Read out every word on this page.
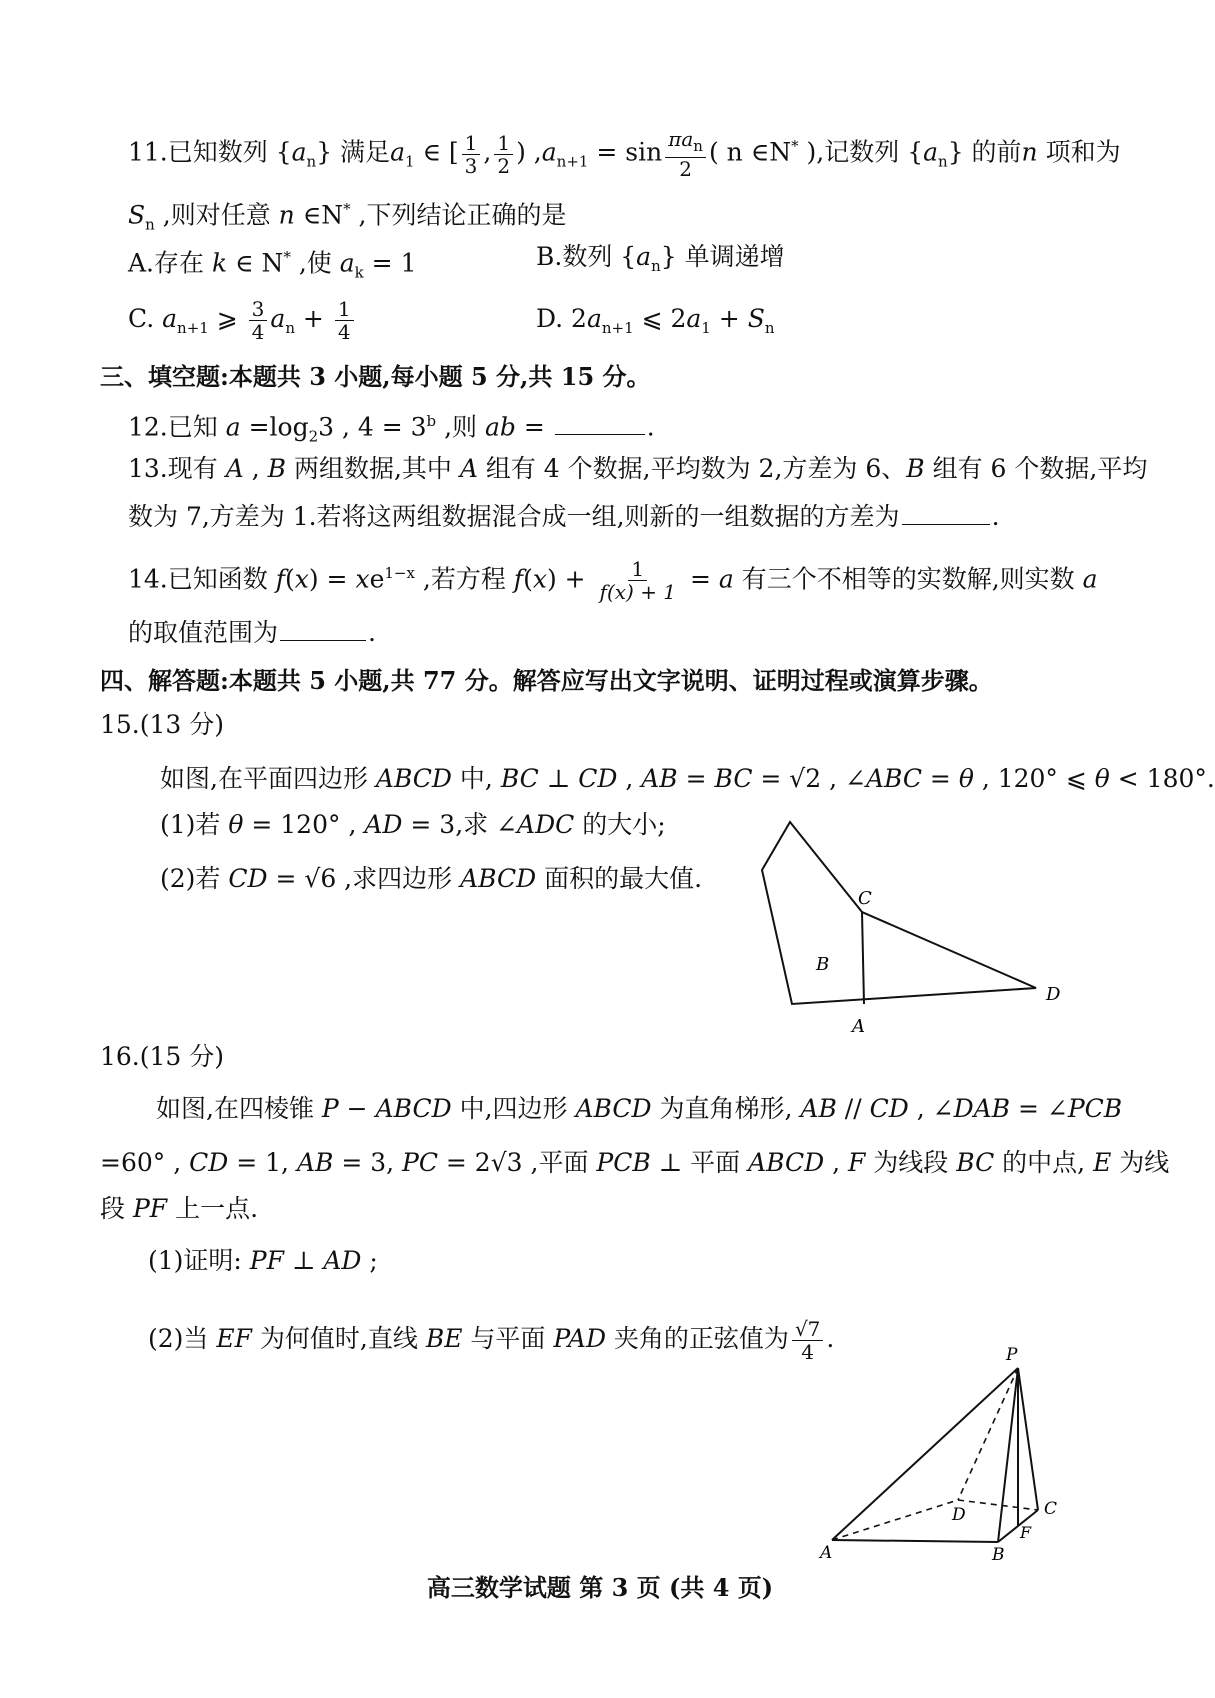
11.已知数列 $\{a_n\}$ 满足$a_1$ ∈ [ $\frac{1}{3}$ , $\frac{1}{2}$ ) $,a_{n+1} = \sin \frac{\pi a_n}{2}$ ( n ∈N* ),记数列 $\{a_n\}$ 的前n 项和为
$S_n$ ,则对任意 n ∈N* ,下列结论正确的是
A.存在 k ∈ N* ,使 $a_k = 1$	B.数列 $\{a_n\}$ 单调递增
C. $a_{n+1}$ ⩾ $\frac{3}{4} a_n + \frac{1}{4}$	D. $2a_{n+1}$ ⩽ $2a_1 + S_n$
三、填空题:本题共 3 小题,每小题 5 分,共 15 分。
12.已知 $a =\log_23$ , $4 = 3^b$ ,则 ab =	.
13.现有 A , B 两组数据,其中 A 组有 4 个数据,平均数为 2,方差为 6、B 组有 6 个数据,平均
数为 7,方差为 1.若将这两组数据混合成一组,则新的一组数据的方差为	.
14.已知函数 $f(x) = xe^{1-x}$ ,若方程 $f(x) + \frac{1}{f(x) + 1} = a$ 有三个不相等的实数解,则实数 a
的取值范围为	.
四、解答题:本题共 5 小题,共 77 分。解答应写出文字说明、证明过程或演算步骤。
15.(13 分)
如图,在平面四边形 ABCD 中, BC ⊥ CD , AB = BC = √2 , ∠ABC = θ , 120° ⩽ θ < 180°.
(1)若 θ = 120° , AD = 3,求 ∠ADC 的大小;
(2)若 CD = √6 ,求四边形 ABCD 面积的最大值.
C
B
D
A
16.(15 分)
如图,在四棱锥 P − ABCD 中,四边形 ABCD 为直角梯形, AB // CD , ∠DAB = ∠PCB
=60° , CD = 1, AB = 3, PC = 2√3 ,平面 PCB ⊥ 平面 ABCD , F 为线段 BC 的中点, E 为线
段 PF 上一点.
(1)证明: PF ⊥ AD ;
(2)当 EF 为何值时,直线 BE 与平面 PAD 夹角的正弦值为 $\frac{√7}{4}$ .
P
D	C
F
A	B
高三数学试题 第 3 页 (共 4 页)
